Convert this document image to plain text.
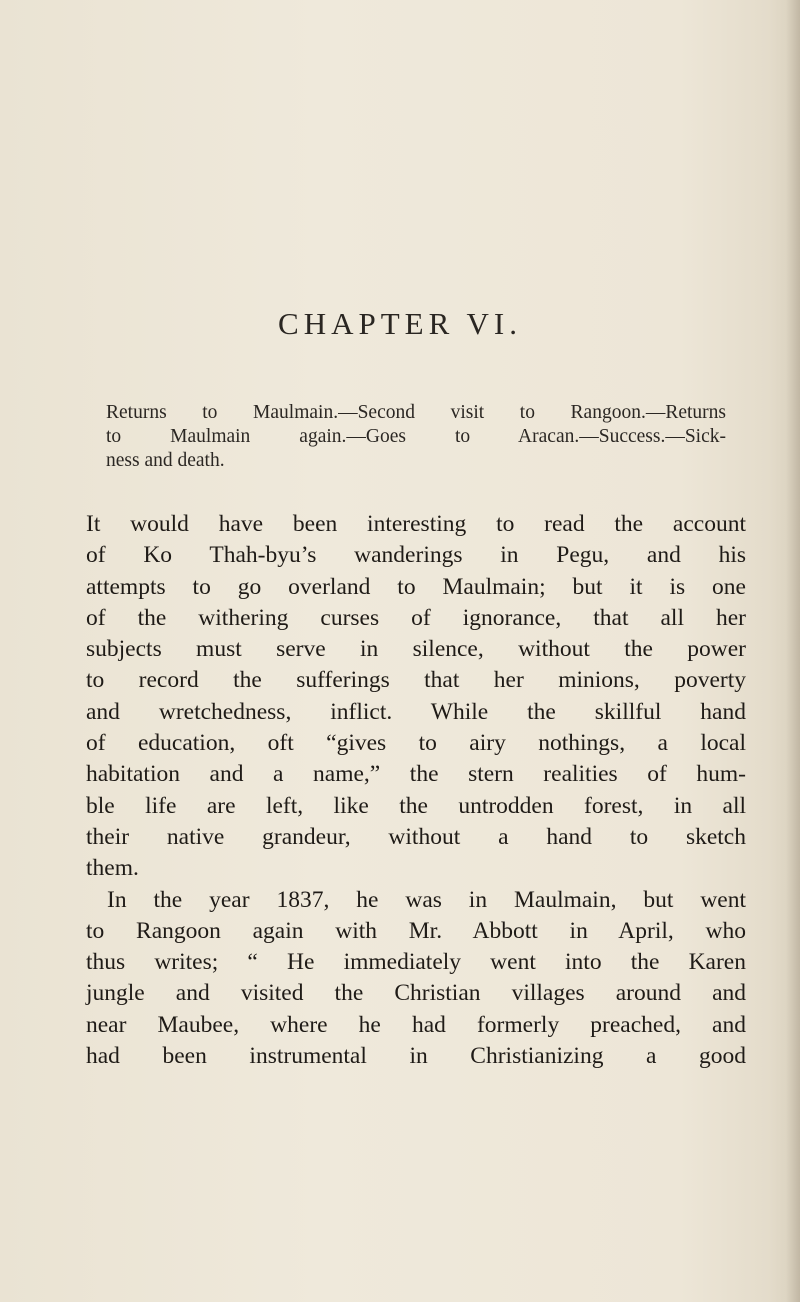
CHAPTER VI.
Returns to Maulmain.—Second visit to Rangoon.—Returns
to Maulmain again.—Goes to Aracan.—Success.—Sick-
ness and death.
It would have been interesting to read the account
of Ko Thah-byu’s wanderings in Pegu, and his
attempts to go overland to Maulmain; but it is one
of the withering curses of ignorance, that all her
subjects must serve in silence, without the power
to record the sufferings that her minions, poverty
and wretchedness, inflict. While the skillful hand
of education, oft “gives to airy nothings, a local
habitation and a name,” the stern realities of hum-
ble life are left, like the untrodden forest, in all
their native grandeur, without a hand to sketch
them.
In the year 1837, he was in Maulmain, but went
to Rangoon again with Mr. Abbott in April, who
thus writes; “ He immediately went into the Karen
jungle and visited the Christian villages around and
near Maubee, where he had formerly preached, and
had been instrumental in Christianizing a good
